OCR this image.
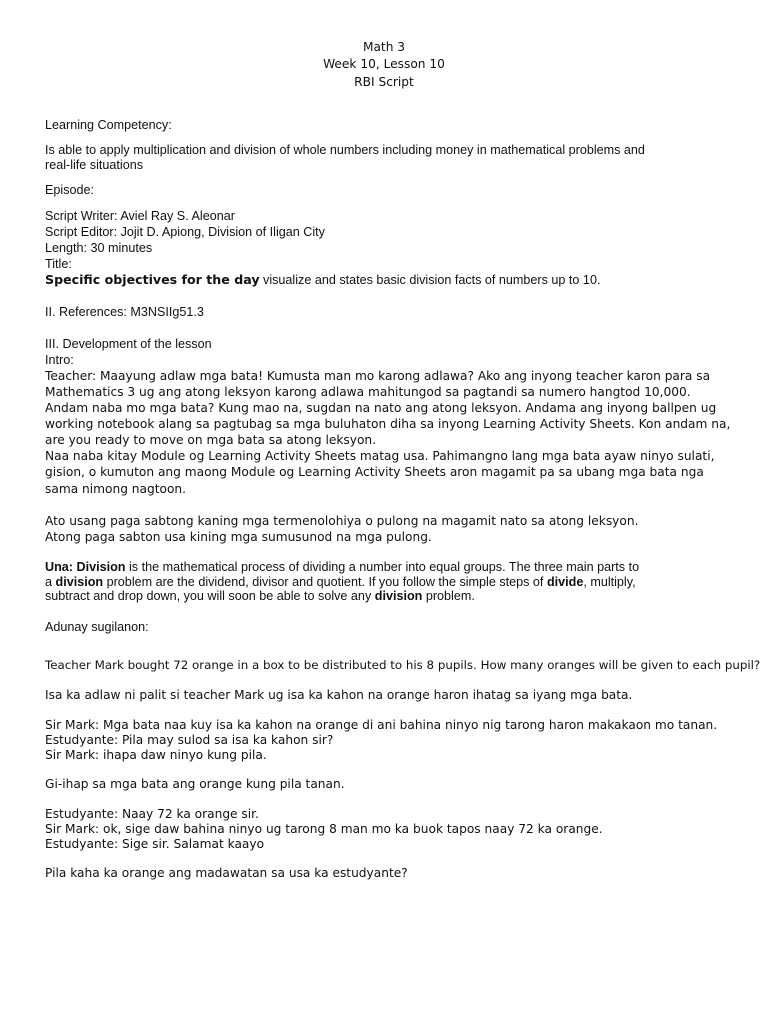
Math 3

Week 10, Lesson 10

RBI Script

Learning Competency:

Is able to apply multiplication and division of whole numbers including money in mathematical problems and

real-life situations

Episode:

Script Writer: Aviel Ray S. Aleonar

Script Editor: Jojit D. Apiong, Division of Iligan City

Length: 30 minutes

Title:

Specific objectives for the day visualize and states basic division facts of numbers up to 10.

II. References: M3NSIIg51.3

III. Development of the lesson

Intro:

Teacher: Maayung adlaw mga bata! Kumusta man mo karong adlawa? Ako ang inyong teacher karon para sa

Mathematics 3 ug ang atong leksyon karong adlawa mahitungod sa pagtandi sa numero hangtod 10,000.

Andam naba mo mga bata? Kung mao na, sugdan na nato ang atong leksyon. Andama ang inyong ballpen ug

working notebook alang sa pagtubag sa mga buluhaton diha sa inyong Learning Activity Sheets. Kon andam na,

are you ready to move on mga bata sa atong leksyon.

Naa naba kitay Module og Learning Activity Sheets matag usa. Pahimangno lang mga bata ayaw ninyo sulati,

gision, o kumuton ang maong Module og Learning Activity Sheets aron magamit pa sa ubang mga bata nga

sama nimong nagtoon.

Ato usang paga sabtong kaning mga termenolohiya o pulong na magamit nato sa atong leksyon.

Atong paga sabton usa kining mga sumusunod na mga pulong.

Una: Division is the mathematical process of dividing a number into equal groups. The three main parts to

a division problem are the dividend, divisor and quotient. If you follow the simple steps of divide, multiply,

subtract and drop down, you will soon be able to solve any division problem.

Adunay sugilanon:

Teacher Mark bought 72 orange in a box to be distributed to his 8 pupils. How many oranges will be given to each pupil?

Isa ka adlaw ni palit si teacher Mark ug isa ka kahon na orange haron ihatag sa iyang mga bata.

Sir Mark: Mga bata naa kuy isa ka kahon na orange di ani bahina ninyo nig tarong haron makakaon mo tanan.

Estudyante: Pila may sulod sa isa ka kahon sir?

Sir Mark: ihapa daw ninyo kung pila.

Gi-ihap sa mga bata ang orange kung pila tanan.

Estudyante: Naay 72 ka orange sir.

Sir Mark: ok, sige daw bahina ninyo ug tarong 8 man mo ka buok tapos naay 72 ka orange.

Estudyante: Sige sir. Salamat kaayo

Pila kaha ka orange ang madawatan sa usa ka estudyante?
